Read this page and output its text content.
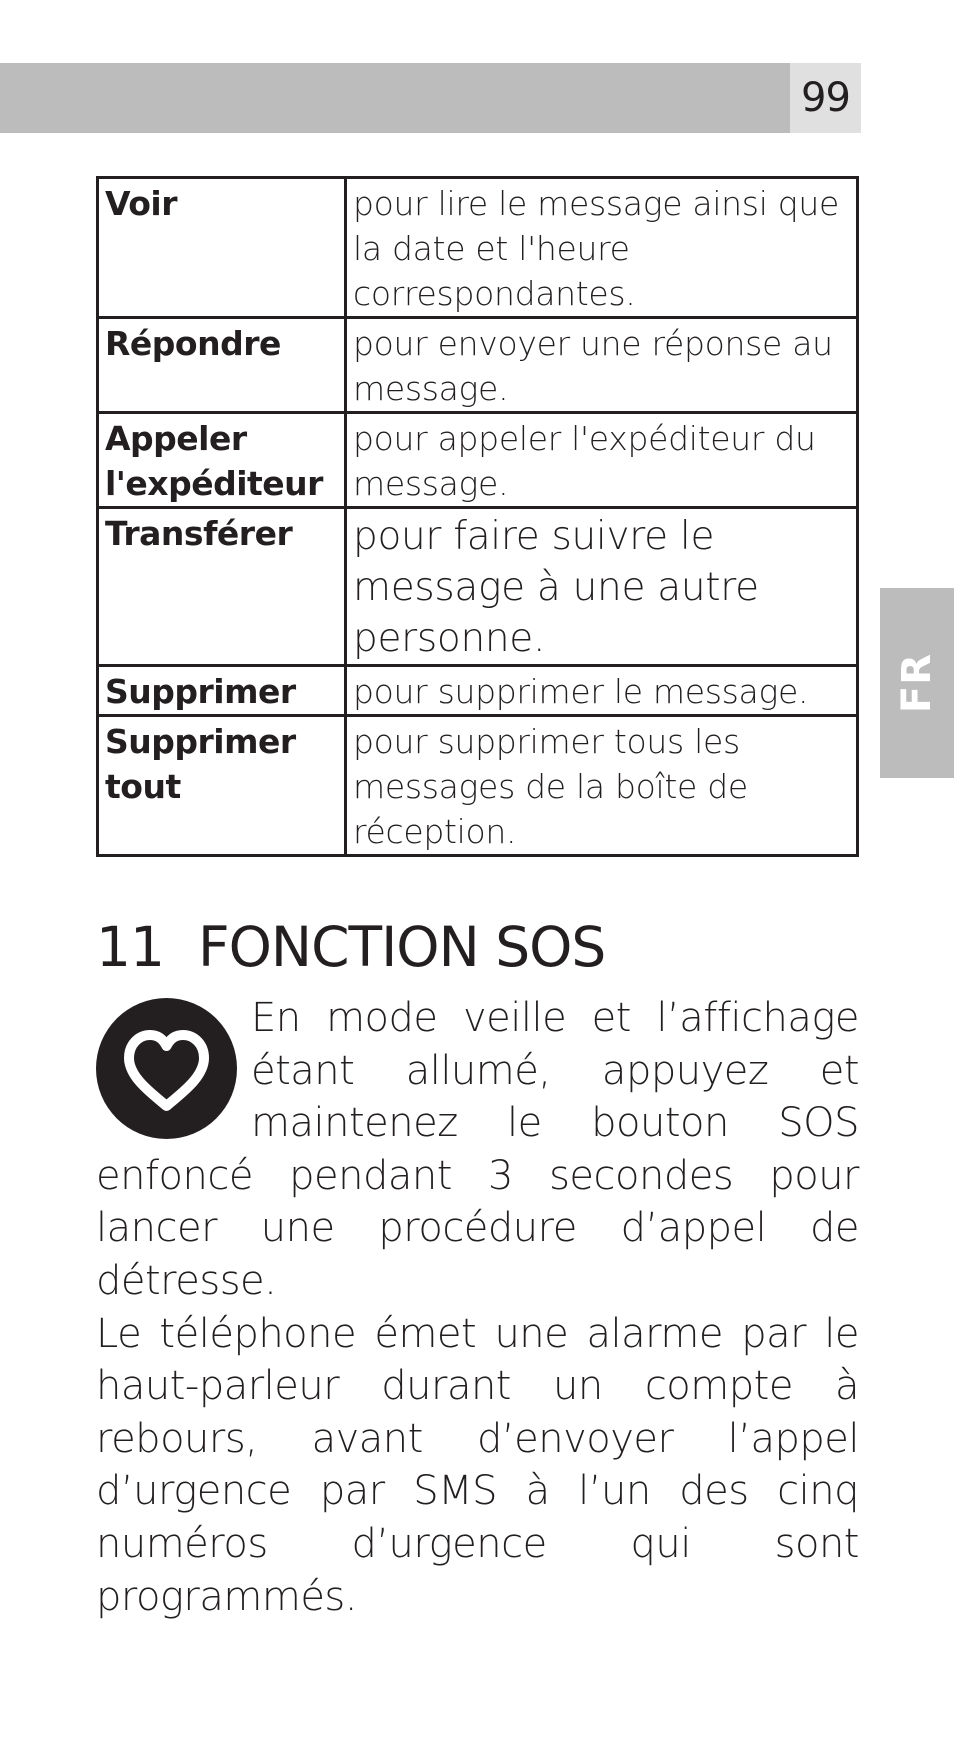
99
FR
Voir	pour lire le message ainsi que la date et l'heure correspondantes.
Répondre	pour envoyer une réponse au message.
Appeler l'expéditeur	pour appeler l'expéditeur du message.
Transférer	pour faire suivre le message à une autre personne.
Supprimer	pour supprimer le message.
Supprimer tout	pour supprimer tous les messages de la boîte de réception.
11 FONCTION SOS

En mode veille et l’affichage étant allumé, appuyez et maintenez le bouton SOS enfoncé pendant 3 secondes pour lancer une procédure d’appel de détresse.

Le téléphone émet une alarme par le haut-parleur durant un compte à rebours, avant d’envoyer l’appel d’urgence par SMS à l’un des cinq numéros d’urgence qui sont programmés.
